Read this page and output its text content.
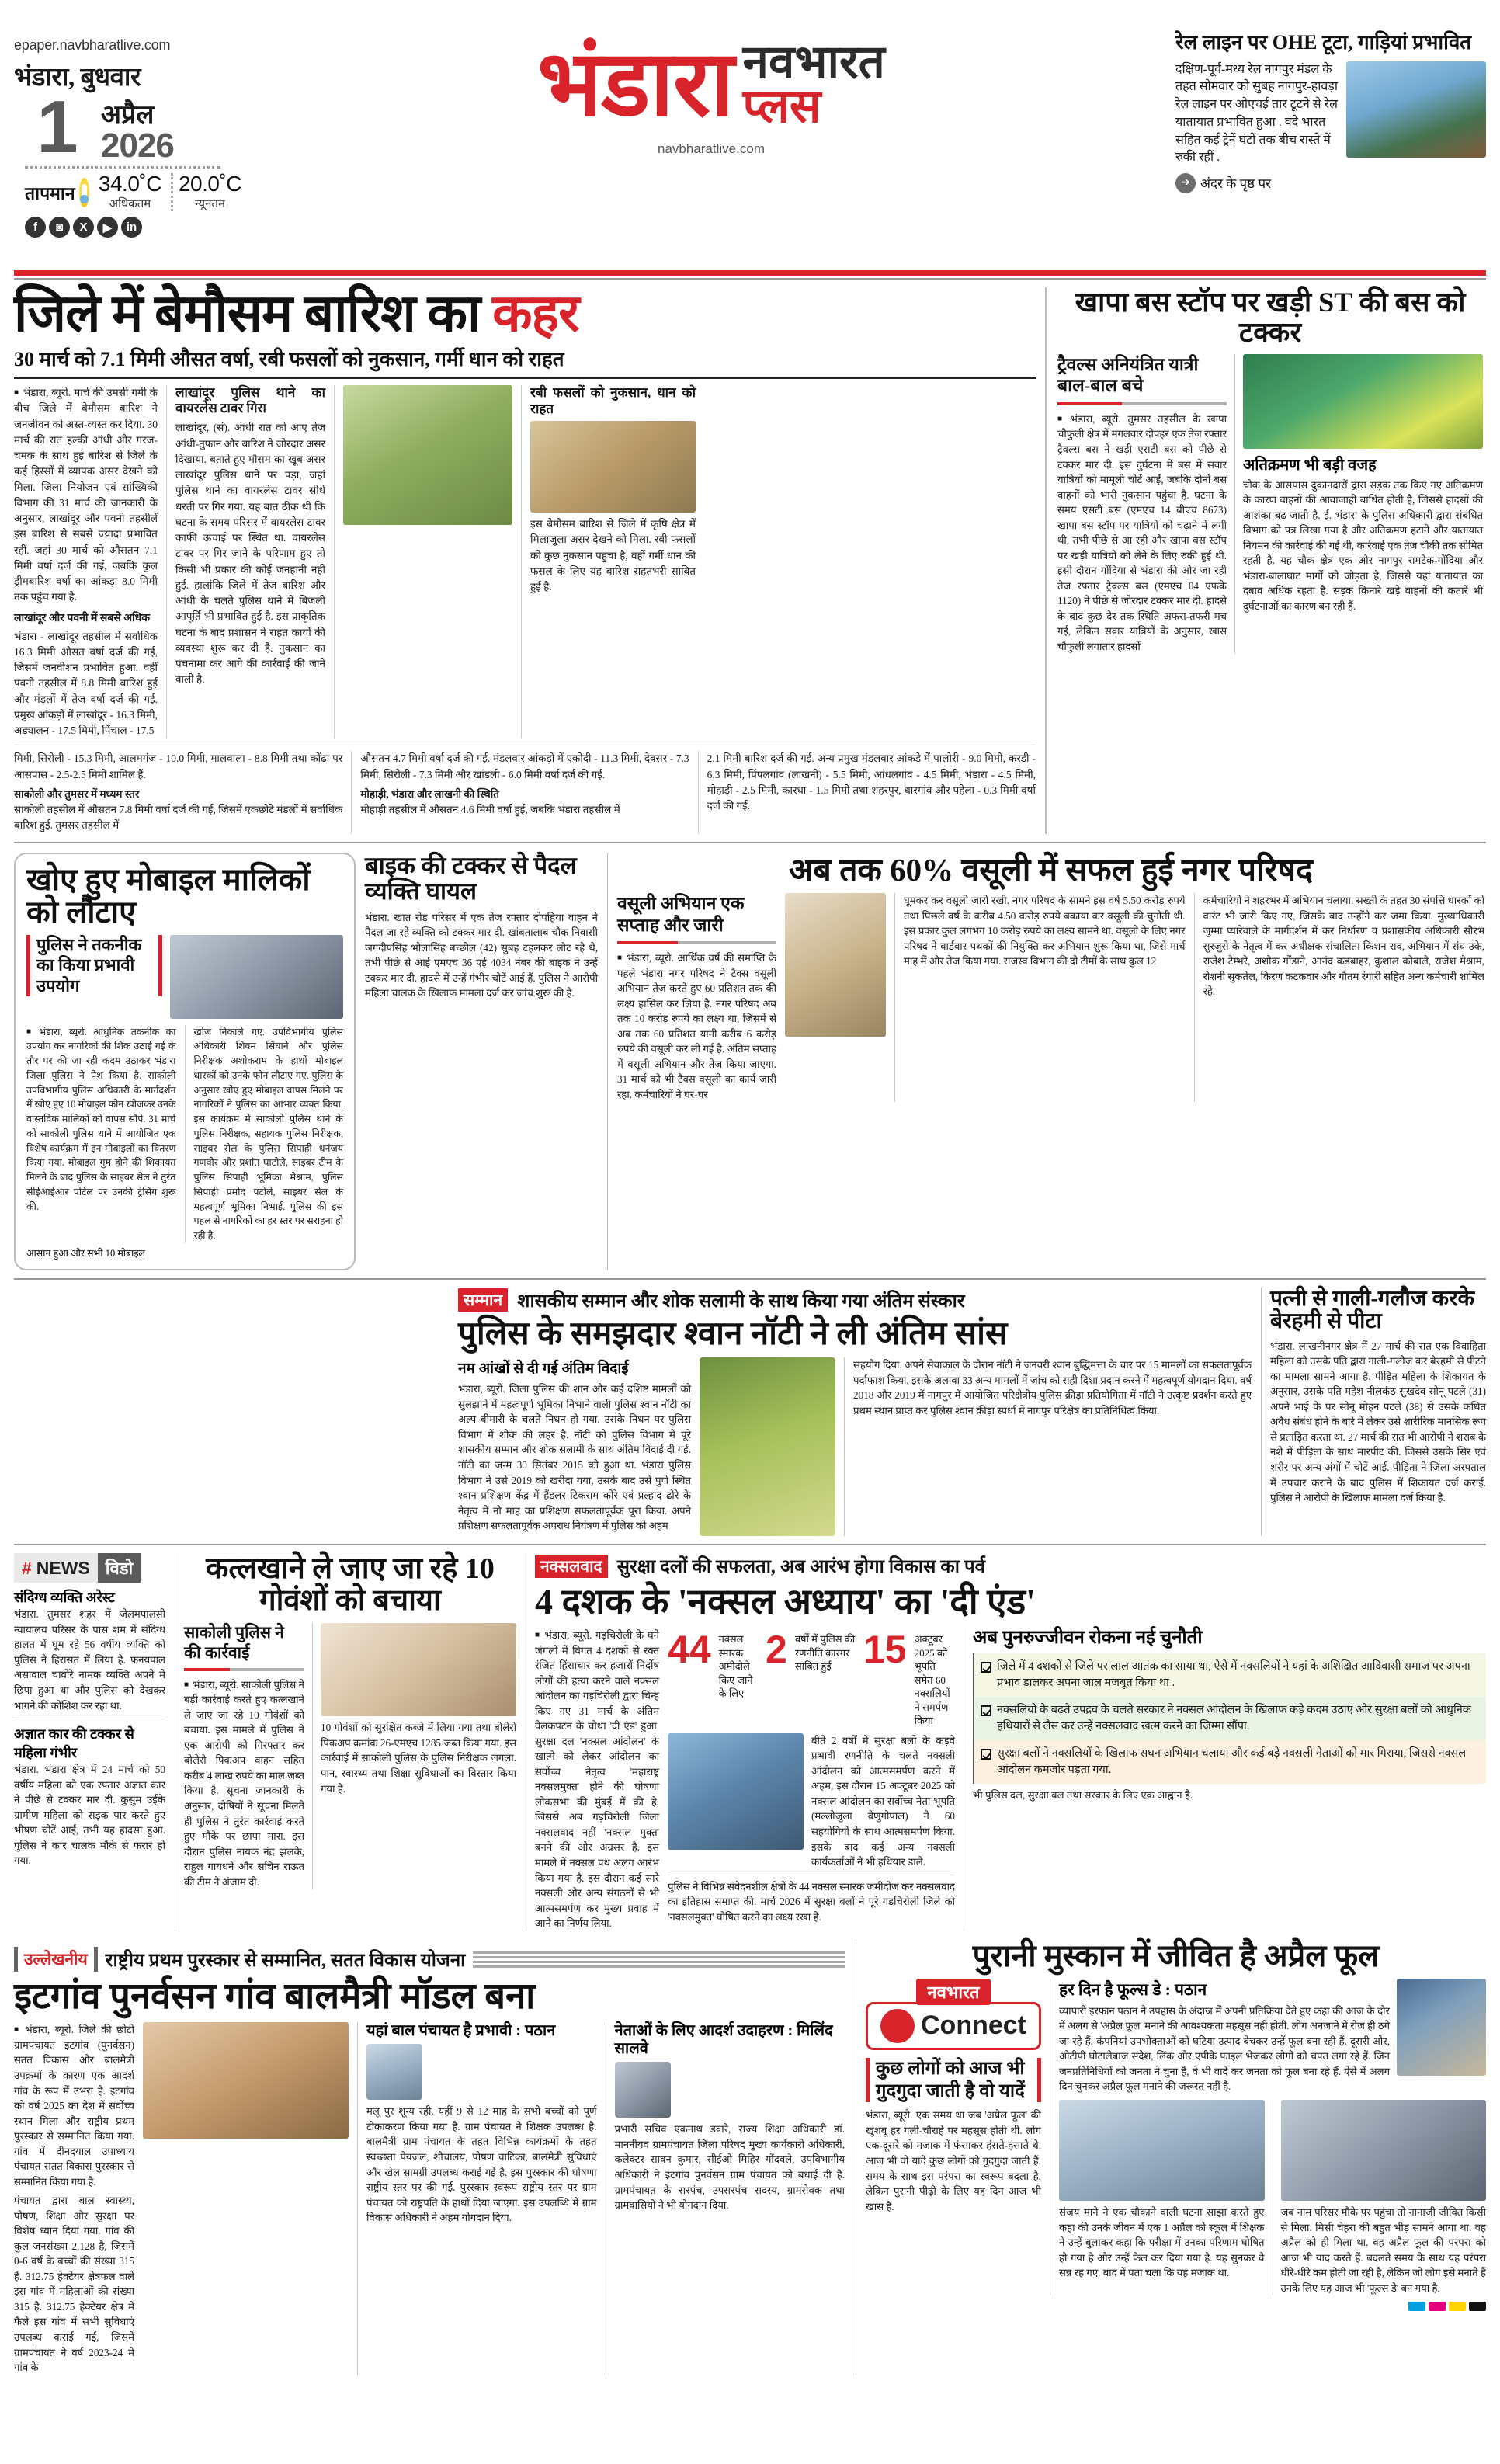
epaper.navbharatlive.com
भंडारा, बुधवार
1 अप्रैल
2026
तापमान 34.0˚C
अधिकतम
20.0˚C
न्यूनतम
f	◙	X	▶	in
भंडारा नवभारत
प्लस
navbharatlive.com
रेल लाइन पर OHE टूटा, गाड़ियां प्रभावित
दक्षिण-पूर्व-मध्य रेल नागपुर मंडल के तहत सोमवार को सुबह नागपुर-हावड़ा रेल लाइन पर ओएचई तार टूटने से रेल यातायात प्रभावित हुआ . वंदे भारत सहित कई ट्रेनें घंटों तक बीच रास्ते में रुकी रहीं .
➔ अंदर के पृष्ठ पर
जिले में बेमौसम बारिश का कहर
30 मार्च को 7.1 मिमी औसत वर्षा, रबी फसलों को नुकसान, गर्मी धान को राहत

■ भंडारा, ब्यूरो. मार्च की उमसी गर्मी के बीच जिले में बेमौसम बारिश ने जनजीवन को अस्त-व्यस्त कर दिया. 30 मार्च की रात हल्की आंधी और गरज-चमक के साथ हुई बारिश से जिले के कई हिस्सों में व्यापक असर देखने को मिला. जिला नियोजन एवं सांख्यिकी विभाग की 31 मार्च की जानकारी के अनुसार, लाखांदूर और पवनी तहसीलें इस बारिश से सबसे ज्यादा प्रभावित रहीं. जहां 30 मार्च को औसतन 7.1 मिमी वर्षा दर्ज की गई, जबकि कुल ड्रीमबारिश वर्षा का आंकड़ा 8.0 मिमी तक पहुंच गया है.

लाखांदूर और पवनी में सबसे अधिक

भंडारा - लाखांदूर तहसील में सर्वाधिक 16.3 मिमी औसत वर्षा दर्ज की गई, जिसमें जनवीशन प्रभावित हुआ. वहीं पवनी तहसील में 8.8 मिमी बारिश हुई और मंडलों में तेज वर्षा दर्ज की गई. प्रमुख आंकड़ों में लाखांदूर - 16.3 मिमी, अड्यालन - 17.5 मिमी, पिंचाल - 17.5

लाखांदूर पुलिस थाने का वायरलेस टावर गिरा

लाखांदूर, (सं). आधी रात को आए तेज आंधी-तुफान और बारिश ने जोरदार असर दिखाया. बताते हुए मौसम का खूब असर लाखांदूर पुलिस थाने पर पड़ा, जहां पुलिस थाने का वायरलेस टावर सीधे धरती पर गिर गया. यह बात ठीक थी कि घटना के समय परिसर में वायरलेस टावर काफी ऊंचाई पर स्थित था. वायरलेस टावर पर गिर जाने के परिणाम हुए तो किसी भी प्रकार की कोई जनहानी नहीं हुई. हालांकि जिले में तेज बारिश और आंधी के चलते पुलिस थाने में बिजली आपूर्ति भी प्रभावित हुई है. इस प्राकृतिक घटना के बाद प्रशासन ने राहत कार्यों की व्यवस्था शुरू कर दी है. नुकसान का पंचनामा कर आगे की कार्रवाई की जाने वाली है.

रबी फसलों को नुकसान, धान को राहत

इस बेमौसम बारिश से जिले में कृषि क्षेत्र में मिलाजुला असर देखने को मिला. रबी फसलों को कुछ नुकसान पहुंचा है, वहीं गर्मी धान की फसल के लिए यह बारिश राहतभरी साबित हुई है.

मिमी, सिरोली - 15.3 मिमी, आलमगंज - 10.0 मिमी, मालवाला - 8.8 मिमी तथा कोंढा पर आसपास - 2.5-2.5 मिमी शामिल हैं.

साकोली और तुमसर में मध्यम स्तर

साकोली तहसील में औसतन 7.8 मिमी वर्षा दर्ज की गई, जिसमें एकछोटे मंडलों में सर्वाधिक बारिश हुई. तुमसर तहसील में

औसतन 4.7 मिमी वर्षा दर्ज की गई. मंडलवार आंकड़ों में एकोदी - 11.3 मिमी, देवसर - 7.3 मिमी, सिरोली - 7.3 मिमी और खांडली - 6.0 मिमी वर्षा दर्ज की गई.

मोहाड़ी, भंडारा और लाखनी की स्थिति

मोहाड़ी तहसील में औसतन 4.6 मिमी वर्षा हुई, जबकि भंडारा तहसील में

2.1 मिमी बारिश दर्ज की गई. अन्य प्रमुख मंडलवार आंकड़े में पालोरी - 9.0 मिमी, करडी - 6.3 मिमी, पिंपलगांव (लाखनी) - 5.5 मिमी, आंधलगांव - 4.5 मिमी, भंडारा - 4.5 मिमी, मोहाड़ी - 2.5 मिमी, कारधा - 1.5 मिमी तथा शहरपुर, धारगांव और पहेला - 0.3 मिमी वर्षा दर्ज की गई.

खापा बस स्टॉप पर खड़ी ST की बस को टक्कर
ट्रैवल्स अनियंत्रित यात्री बाल-बाल बचे

■ भंडारा, ब्यूरो. तुमसर तहसील के खापा चौफुली क्षेत्र में मंगलवार दोपहर एक तेज रफ्तार ट्रैवल्स बस ने खड़ी एसटी बस को पीछे से टक्कर मार दी. इस दुर्घटना में बस में सवार यात्रियों को मामूली चोटें आईं, जबकि दोनों बस वाहनों को भारी नुकसान पहुंचा है. घटना के समय एसटी बस (एमएच 14 बीएच 8673) खापा बस स्टॉप पर यात्रियों को चढ़ाने में लगी थी, तभी पीछे से आ रही और खापा बस स्टॉप पर खड़ी यात्रियों को लेने के लिए रुकी हुई थी. इसी दौरान गोंदिया से भंडारा की ओर जा रही तेज रफ्तार ट्रैवल्स बस (एमएच 04 एफके 1120) ने पीछे से जोरदार टक्कर मार दी. हादसे के बाद कुछ देर तक स्थिति अफरा-तफरी मच गई, लेकिन सवार यात्रियों के अनुसार, खास चौफुली लगातार हादसों

अतिक्रमण भी बड़ी वजह

चौक के आसपास दुकानदारों द्वारा सड़क तक किए गए अतिक्रमण के कारण वाहनों की आवाजाही बाधित होती है, जिससे हादसों की आशंका बढ़ जाती है. ई. भंडारा के पुलिस अधिकारी द्वारा संबंधित विभाग को पत्र लिखा गया है और अतिक्रमण हटाने और यातायात नियमन की कार्रवाई की गई थी, कार्रवाई एक तेज चौकी तक सीमित रहती है. यह चौक क्षेत्र एक ओर नागपुर रामटेक-गोंदिया और भंडारा-बालाघाट मार्गों को जोड़ता है, जिससे यहां यातायात का दबाव अधिक रहता है. सड़क किनारे खड़े वाहनों की कतारें भी दुर्घटनाओं का कारण बन रही हैं.

खोए हुए मोबाइल मालिकों को लौटाए
पुलिस ने तकनीक का किया प्रभावी उपयोग
■ भंडारा, ब्यूरो. आधुनिक तकनीक का उपयोग कर नागरिकों की शिक उठाई गई के तौर पर की जा रही कदम उठाकर भंडारा जिला पुलिस ने पेश किया है. साकोली उपविभागीय पुलिस अधिकारी के मार्गदर्शन में खोए हुए 10 मोबाइल फोन खोजकर उनके वास्तविक मालिकों को वापस सौंपे. 31 मार्च को साकोली पुलिस थाने में आयोजित एक विशेष कार्यक्रम में इन मोबाइलों का वितरण किया गया. मोबाइल गुम होने की शिकायत मिलने के बाद पुलिस के साइबर सेल ने तुरंत सीईआईआर पोर्टल पर उनकी ट्रेसिंग शुरू की.
खोज निकाले गए. उपविभागीय पुलिस अधिकारी शिवम सिंघाने और पुलिस निरीक्षक अशोकराम के हाथों मोबाइल धारकों को उनके फोन लौटाए गए. पुलिस के अनुसार खोए हुए मोबाइल वापस मिलने पर नागरिकों ने पुलिस का आभार व्यक्त किया. इस कार्यक्रम में साकोली पुलिस थाने के पुलिस निरीक्षक, सहायक पुलिस निरीक्षक, साइबर सेल के पुलिस सिपाही धनंजय गणवीर और प्रशांत घाटोले, साइबर टीम के पुलिस सिपाही भूमिका मेश्राम, पुलिस सिपाही प्रमोद पटोले, साइबर सेल के महत्वपूर्ण भूमिका निभाई. पुलिस की इस पहल से नागरिकों का हर स्तर पर सराहना हो रही है.
आसान हुआ और सभी 10 मोबाइल
बाइक की टक्कर से पैदल व्यक्ति घायल

भंडारा. खात रोड परिसर में एक तेज रफ्तार दोपहिया वाहन ने पैदल जा रहे व्यक्ति को टक्कर मार दी. खांबतालाब चौक निवासी जगदीपसिंह भोलासिंह बच्छील (42) सुबह टहलकर लौट रहे थे, तभी पीछे से आई एमएच 36 एई 4034 नंबर की बाइक ने उन्हें टक्कर मार दी. हादसे में उन्हें गंभीर चोटें आई हैं. पुलिस ने आरोपी महिला चालक के खिलाफ मामला दर्ज कर जांच शुरू की है.

अब तक 60% वसूली में सफल हुई नगर परिषद
वसूली अभियान एक सप्ताह और जारी

■ भंडारा, ब्यूरो. आर्थिक वर्ष की समाप्ति के पहले भंडारा नगर परिषद ने टैक्स वसूली अभियान तेज करते हुए 60 प्रतिशत तक की लक्ष्य हासिल कर लिया है. नगर परिषद अब तक 10 करोड़ रुपये का लक्ष्य था, जिसमें से अब तक 60 प्रतिशत यानी करीब 6 करोड़ रुपये की वसूली कर ली गई है. अंतिम सप्ताह में वसूली अभियान और तेज किया जाएगा. 31 मार्च को भी टैक्स वसूली का कार्य जारी रहा. कर्मचारियों ने घर-घर

घूमकर कर वसूली जारी रखी. नगर परिषद के सामने इस वर्ष 5.50 करोड़ रुपये तथा पिछले वर्ष के करीब 4.50 करोड़ रुपये बकाया कर वसूली की चुनौती थी. इस प्रकार कुल लगभग 10 करोड़ रुपये का लक्ष्य सामने था. वसूली के लिए नगर परिषद ने वार्डवार पथकों की नियुक्ति कर अभियान शुरू किया था, जिसे मार्च माह में और तेज किया गया. राजस्व विभाग की दो टीमों के साथ कुल 12

कर्मचारियों ने शहरभर में अभियान चलाया. सख्ती के तहत 30 संपत्ति धारकों को वारंट भी जारी किए गए, जिसके बाद उन्होंने कर जमा किया. मुख्याधिकारी जुम्मा प्यारेवाले के मार्गदर्शन में कर निर्धारण व प्रशासकीय अधिकारी सौरभ सुरजुसे के नेतृत्व में कर अधीक्षक संचालिता किशन राव, अभियान में संघ उके, राजेश टेम्भरे, अशोक गोंडाने, आनंद कडबाहर, कुशाल कोबाले, राजेश मेश्राम, रोशनी सुकतेल, किरण कटकवार और गौतम रंगारी सहित अन्य कर्मचारी शामिल रहे.

सम्मान शासकीय सम्मान और शोक सलामी के साथ किया गया अंतिम संस्कार
पुलिस के समझदार श्वान नॉटी ने ली अंतिम सांस
नम आंखों से दी गई अंतिम विदाई

भंडारा, ब्यूरो. जिला पुलिस की शान और कई दशिष्ट मामलों को सुलझाने में महत्वपूर्ण भूमिका निभाने वाली पुलिस श्वान नॉटी का अल्प बीमारी के चलते निधन हो गया. उसके निधन पर पुलिस विभाग में शोक की लहर है. नॉटी को पुलिस विभाग में पूरे शासकीय सम्मान और शोक सलामी के साथ अंतिम विदाई दी गई. नॉटी का जन्म 30 सितंबर 2015 को हुआ था. भंडारा पुलिस विभाग ने उसे 2019 को खरीदा गया, उसके बाद उसे पुणे स्थित श्वान प्रशिक्षण केंद्र में हैंडलर टिकराम कोरे एवं प्रल्हाद ढोरे के नेतृत्व में नौ माह का प्रशिक्षण सफलतापूर्वक पूरा किया. अपने प्रशिक्षण सफलतापूर्वक अपराध नियंत्रण में पुलिस को अहम

सहयोग दिया. अपने सेवाकाल के दौरान नॉटी ने जनवरी श्वान बुद्धिमत्ता के चार पर 15 मामलों का सफलतापूर्वक पर्दाफाश किया, इसके अलावा 33 अन्य मामलों में जांच को सही दिशा प्रदान करने में महत्वपूर्ण योगदान दिया. वर्ष 2018 और 2019 में नागपुर में आयोजित परिक्षेत्रीय पुलिस क्रीड़ा प्रतियोगिता में नॉटी ने उत्कृष्ट प्रदर्शन करते हुए प्रथम स्थान प्राप्त कर पुलिस श्वान क्रीड़ा स्पर्धा में नागपुर परिक्षेत्र का प्रतिनिधित्व किया.

पत्नी से गाली-गलौज करके बेरहमी से पीटा

भंडारा. लाखनीनगर क्षेत्र में 27 मार्च की रात एक विवाहिता महिला को उसके पति द्वारा गाली-गलौज कर बेरहमी से पीटने का मामला सामने आया है. पीड़ित महिला के शिकायत के अनुसार, उसके पति महेश नीलकंठ सुखदेव सोनू पटले (31) अपने भाई के पर सोनू मोहन पटले (38) से उसके कथित अवैध संबंध होने के बारे में लेकर उसे शारीरिक मानसिक रूप से प्रताड़ित करता था. 27 मार्च की रात भी आरोपी ने शराब के नशे में पीड़िता के साथ मारपीट की. जिससे उसके सिर एवं शरीर पर अन्य अंगों में चोटें आई. पीड़िता ने जिला अस्पताल में उपचार कराने के बाद पुलिस में शिकायत दर्ज कराई. पुलिस ने आरोपी के खिलाफ मामला दर्ज किया है.

# NEWS विडो
संदिग्ध व्यक्ति अरेस्ट

भंडारा. तुमसर शहर में जेलमपालसी न्यायालय परिसर के पास शम में संदिग्ध हालत में घूम रहे 56 वर्षीय व्यक्ति को पुलिस ने हिरासत में लिया है. फनयपाल असावाल चावोरे नामक व्यक्ति अपने में छिपा हुआ था और पुलिस को देखकर भागने की कोशिश कर रहा था.

अज्ञात कार की टक्कर से महिला गंभीर

भंडारा. भंडारा क्षेत्र में 24 मार्च को 50 वर्षीय महिला को एक रफ्तार अज्ञात कार ने पीछे से टक्कर मार दी. कुसुम उईके ग्रामीण महिला को सड़क पार करते हुए भीषण चोटें आईं, तभी यह हादसा हुआ. पुलिस ने कार चालक मौके से फरार हो गया.

कत्लखाने ले जाए जा रहे 10 गोवंशों को बचाया
साकोली पुलिस ने की कार्रवाई

■ भंडारा, ब्यूरो. साकोली पुलिस ने बड़ी कार्रवाई करते हुए कत्लखाने ले जाए जा रहे 10 गोवंशों को बचाया. इस मामले में पुलिस ने एक आरोपी को गिरफ्तार कर बोलेरो पिकअप वाहन सहित करीब 4 लाख रुपये का माल जब्त किया है. सूचना जानकारी के अनुसार, दोषियों ने सूचना मिलते ही पुलिस ने तुरंत कार्रवाई करते हुए मौके पर छापा मारा. इस दौरान पुलिस नायक नंद्र झलके, राहुल गायधने और सचिन राऊत की टीम ने अंजाम दी.

10 गोवंशों को सुरक्षित कब्जे में लिया गया तथा बोलेरो पिकअप क्रमांक 26-एमएच 1285 जब्त किया गया. इस कार्रवाई में साकोली पुलिस के पुलिस निरीक्षक जगला. पान, स्वास्थ्य तथा शिक्षा सुविधाओं का विस्तार किया गया है.

नक्सलवाद सुरक्षा दलों की सफलता, अब आरंभ होगा विकास का पर्व
4 दशक के 'नक्सल अध्याय' का 'दी एंड'

■ भंडारा, ब्यूरो. गड़चिरोली के घने जंगलों में विगत 4 दशकों से रक्त रंजित हिंसाचार कर हजारों निर्दोष लोगों की हत्या करने वाले नक्सल आंदोलन का गड़चिरोली द्वारा चिन्ह किए गए 31 मार्च के अंतिम वेलकपटन के चौथा 'दी एंड' हुआ. सुरक्षा दल 'नक्सल आंदोलन' के खात्मे को लेकर आंदोलन का सर्वोच्च नेतृत्व 'महाराष्ट्र नक्सलमुक्त' होने की घोषणा लोकसभा की मुंबई में की है. जिससे अब गड़चिरोली जिला नक्सलवाद नहीं 'नक्सल मुक्त' बनने की ओर अग्रसर है. इस मामले में नक्सल पथ अलग आरंभ किया गया है. इस दौरान कई सारे नक्सली और अन्य संगठनों से भी आत्मसमर्पण कर मुख्य प्रवाह में आने का निर्णय लिया.

44 नक्सल स्मारक अमीदोले किए जाने के लिए
2 वर्षों में पुलिस की रणनीति कारगर साबित हुई 15 अक्टूबर 2025 को भूपति समेत 60 नक्सलियों ने समर्पण किया

बीते 2 वर्षों में सुरक्षा बलों के कड़वे प्रभावी रणनीति के चलते नक्सली आंदोलन को आत्मसमर्पण करने में अहम, इस दौरान 15 अक्टूबर 2025 को नक्सल आंदोलन का सर्वोच्च नेता भूपति (मल्लोजुला वेणुगोपाल) ने 60 सहयोगियों के साथ आत्मसमर्पण किया. इसके बाद कई अन्य नक्सली कार्यकर्ताओं ने भी हथियार डाले.

पुलिस ने विभिन्न संवेदनशील क्षेत्रों के 44 नक्सल स्मारक जमीदोज कर नक्सलवाद का इतिहास समाप्त की. मार्च 2026 में सुरक्षा बलों ने पूरे गड़चिरोली जिले को 'नक्सलमुक्त' घोषित करने का लक्ष्य रखा है.

अब पुनरुज्जीवन रोकना नई चुनौती
जिले में 4 दशकों से जिले पर लाल आतंक का साया था, ऐसे में नक्सलियों ने यहां के अशिक्षित आदिवासी समाज पर अपना प्रभाव डालकर अपना जाल मजबूत किया था .
नक्सलियों के बढ़ते उपद्रव के चलते सरकार ने नक्सल आंदोलन के खिलाफ कड़े कदम उठाए और सुरक्षा बलों को आधुनिक हथियारों से लैस कर उन्हें नक्सलवाद खत्म करने का जिम्मा सौंपा.
सुरक्षा बलों ने नक्सलियों के खिलाफ सघन अभियान चलाया और कई बड़े नक्सली नेताओं को मार गिराया, जिससे नक्सल आंदोलन कमजोर पड़ता गया.

भी पुलिस दल, सुरक्षा बल तथा सरकार के लिए एक आह्वान है.

उल्लेखनीय राष्ट्रीय प्रथम पुरस्कार से सम्मानित, सतत विकास योजना
इटगांव पुनर्वसन गांव बालमैत्री मॉडल बना

■ भंडारा, ब्यूरो. जिले की छोटी ग्रामपंचायत इटगांव (पुनर्वसन) सतत विकास और बालमैत्री उपक्रमों के कारण एक आदर्श गांव के रूप में उभरा है. इटगांव को वर्ष 2025 का देश में सर्वोच्च स्थान मिला और राष्ट्रीय प्रथम पुरस्कार से सम्मानित किया गया. गांव में दीनदयाल उपाध्याय पंचायत सतत विकास पुरस्कार से सम्मानित किया गया है.

पंचायत द्वारा बाल स्वास्थ्य, पोषण, शिक्षा और सुरक्षा पर विशेष ध्यान दिया गया. गांव की कुल जनसंख्या 2,128 है, जिसमें 0-6 वर्ष के बच्चों की संख्या 315 है. 312.75 हेक्टेयर क्षेत्रफल वाले इस गांव में महिलाओं की संख्या 315 है. 312.75 हेक्टेयर क्षेत्र में फैले इस गांव में सभी सुविधाएं उपलब्ध कराई गईं, जिसमें ग्रामपंचायत ने वर्ष 2023-24 में गांव के

यहां बाल पंचायत है प्रभावी : पठान

मलू पुर शून्य रही. यहीं 9 से 12 माह के सभी बच्चों को पूर्ण टीकाकरण किया गया है. ग्राम पंचायत ने शिक्षक उपलब्ध है. बालमैत्री ग्राम पंचायत के तहत विभिन्न कार्यक्रमों के तहत स्वच्छता पेयजल, शौचालय, पोषण वाटिका, बालमैत्री सुविधाएं और खेल सामग्री उपलब्ध कराई गई है. इस पुरस्कार की घोषणा राष्ट्रीय स्तर पर की गई. पुरस्कार स्वरूप राष्ट्रीय स्तर पर ग्राम पंचायत को राष्ट्रपति के हाथों दिया जाएगा. इस उपलब्धि में ग्राम विकास अधिकारी ने अहम योगदान दिया.

नेताओं के लिए आदर्श उदाहरण : मिलिंद सालवे

प्रभारी सचिव एकनाथ डवारे, राज्य शिक्षा अधिकारी डॉ. माननीयव ग्रामपंचायत जिला परिषद मुख्य कार्यकारी अधिकारी, कलेक्टर सावन कुमार, सीईओ मिहिर गोंदवले, उपविभागीय अधिकारी ने इटगांव पुनर्वसन ग्राम पंचायत को बधाई दी है. ग्रामपंचायत के सरपंच, उपसरपंच सदस्य, ग्रामसेवक तथा ग्रामवासियों ने भी योगदान दिया.

पुरानी मुस्कान में जीवित है अप्रैल फूल
नवभारत
Connect
कुछ लोगों को आज भी गुदगुदा जाती है वो यादें

भंडारा, ब्यूरो. एक समय था जब 'अप्रैल फूल' की खुशबू हर गली-चौराहे पर महसूस होती थी. लोग एक-दूसरे को मजाक में फंसाकर हंसते-हंसाते थे. आज भी वो यादें कुछ लोगों को गुदगुदा जाती हैं. समय के साथ इस परंपरा का स्वरूप बदला है, लेकिन पुरानी पीढ़ी के लिए यह दिन आज भी खास है.

हर दिन है फूल्स डे : पठान

व्यापारी इरफान पठान ने उपहास के अंदाज में अपनी प्रतिक्रिया देते हुए कहा की आज के दौर में अलग से 'अप्रैल फूल' मनाने की आवश्यकता महसूस नहीं होती. लोग अनजाने में रोज ही ठगे जा रहे हैं. कंपनियां उपभोक्ताओं को घटिया उत्पाद बेचकर उन्हें फूल बना रही हैं. दूसरी ओर, ओटीपी घोटालेबाज संदेश, लिंक और एपीके फाइल भेजकर लोगों को चपत लगा रहे हैं. जिन जनप्रतिनिधियों को जनता ने चुना है, वे भी वादे कर जनता को फूल बना रहे हैं. ऐसे में अलग दिन चुनकर अप्रैल फूल मनाने की जरूरत नहीं है.

संजय माने ने एक चौकाने वाली घटना साझा करते हुए कहा की उनके जीवन में एक 1 अप्रैल को स्कूल में शिक्षक ने उन्हें बुलाकर कहा कि परीक्षा में उनका परिणाम घोषित हो गया है और उन्हें फेल कर दिया गया है. यह सुनकर वे सन्न रह गए. बाद में पता चला कि यह मजाक था.

जब नाम परिसर मौके पर पहुंचा तो नानाजी जीवित किसी से मिला. मिसी चेहरा की बहुत भीड़ सामने आया था. वह अप्रैल को ही मिला था. वह अप्रैल फूल की परंपरा को आज भी याद करते हैं. बदलते समय के साथ यह परंपरा धीरे-धीरे कम होती जा रही है, लेकिन जो लोग इसे मनाते हैं उनके लिए यह आज भी 'फूल्स डे' बन गया है.
